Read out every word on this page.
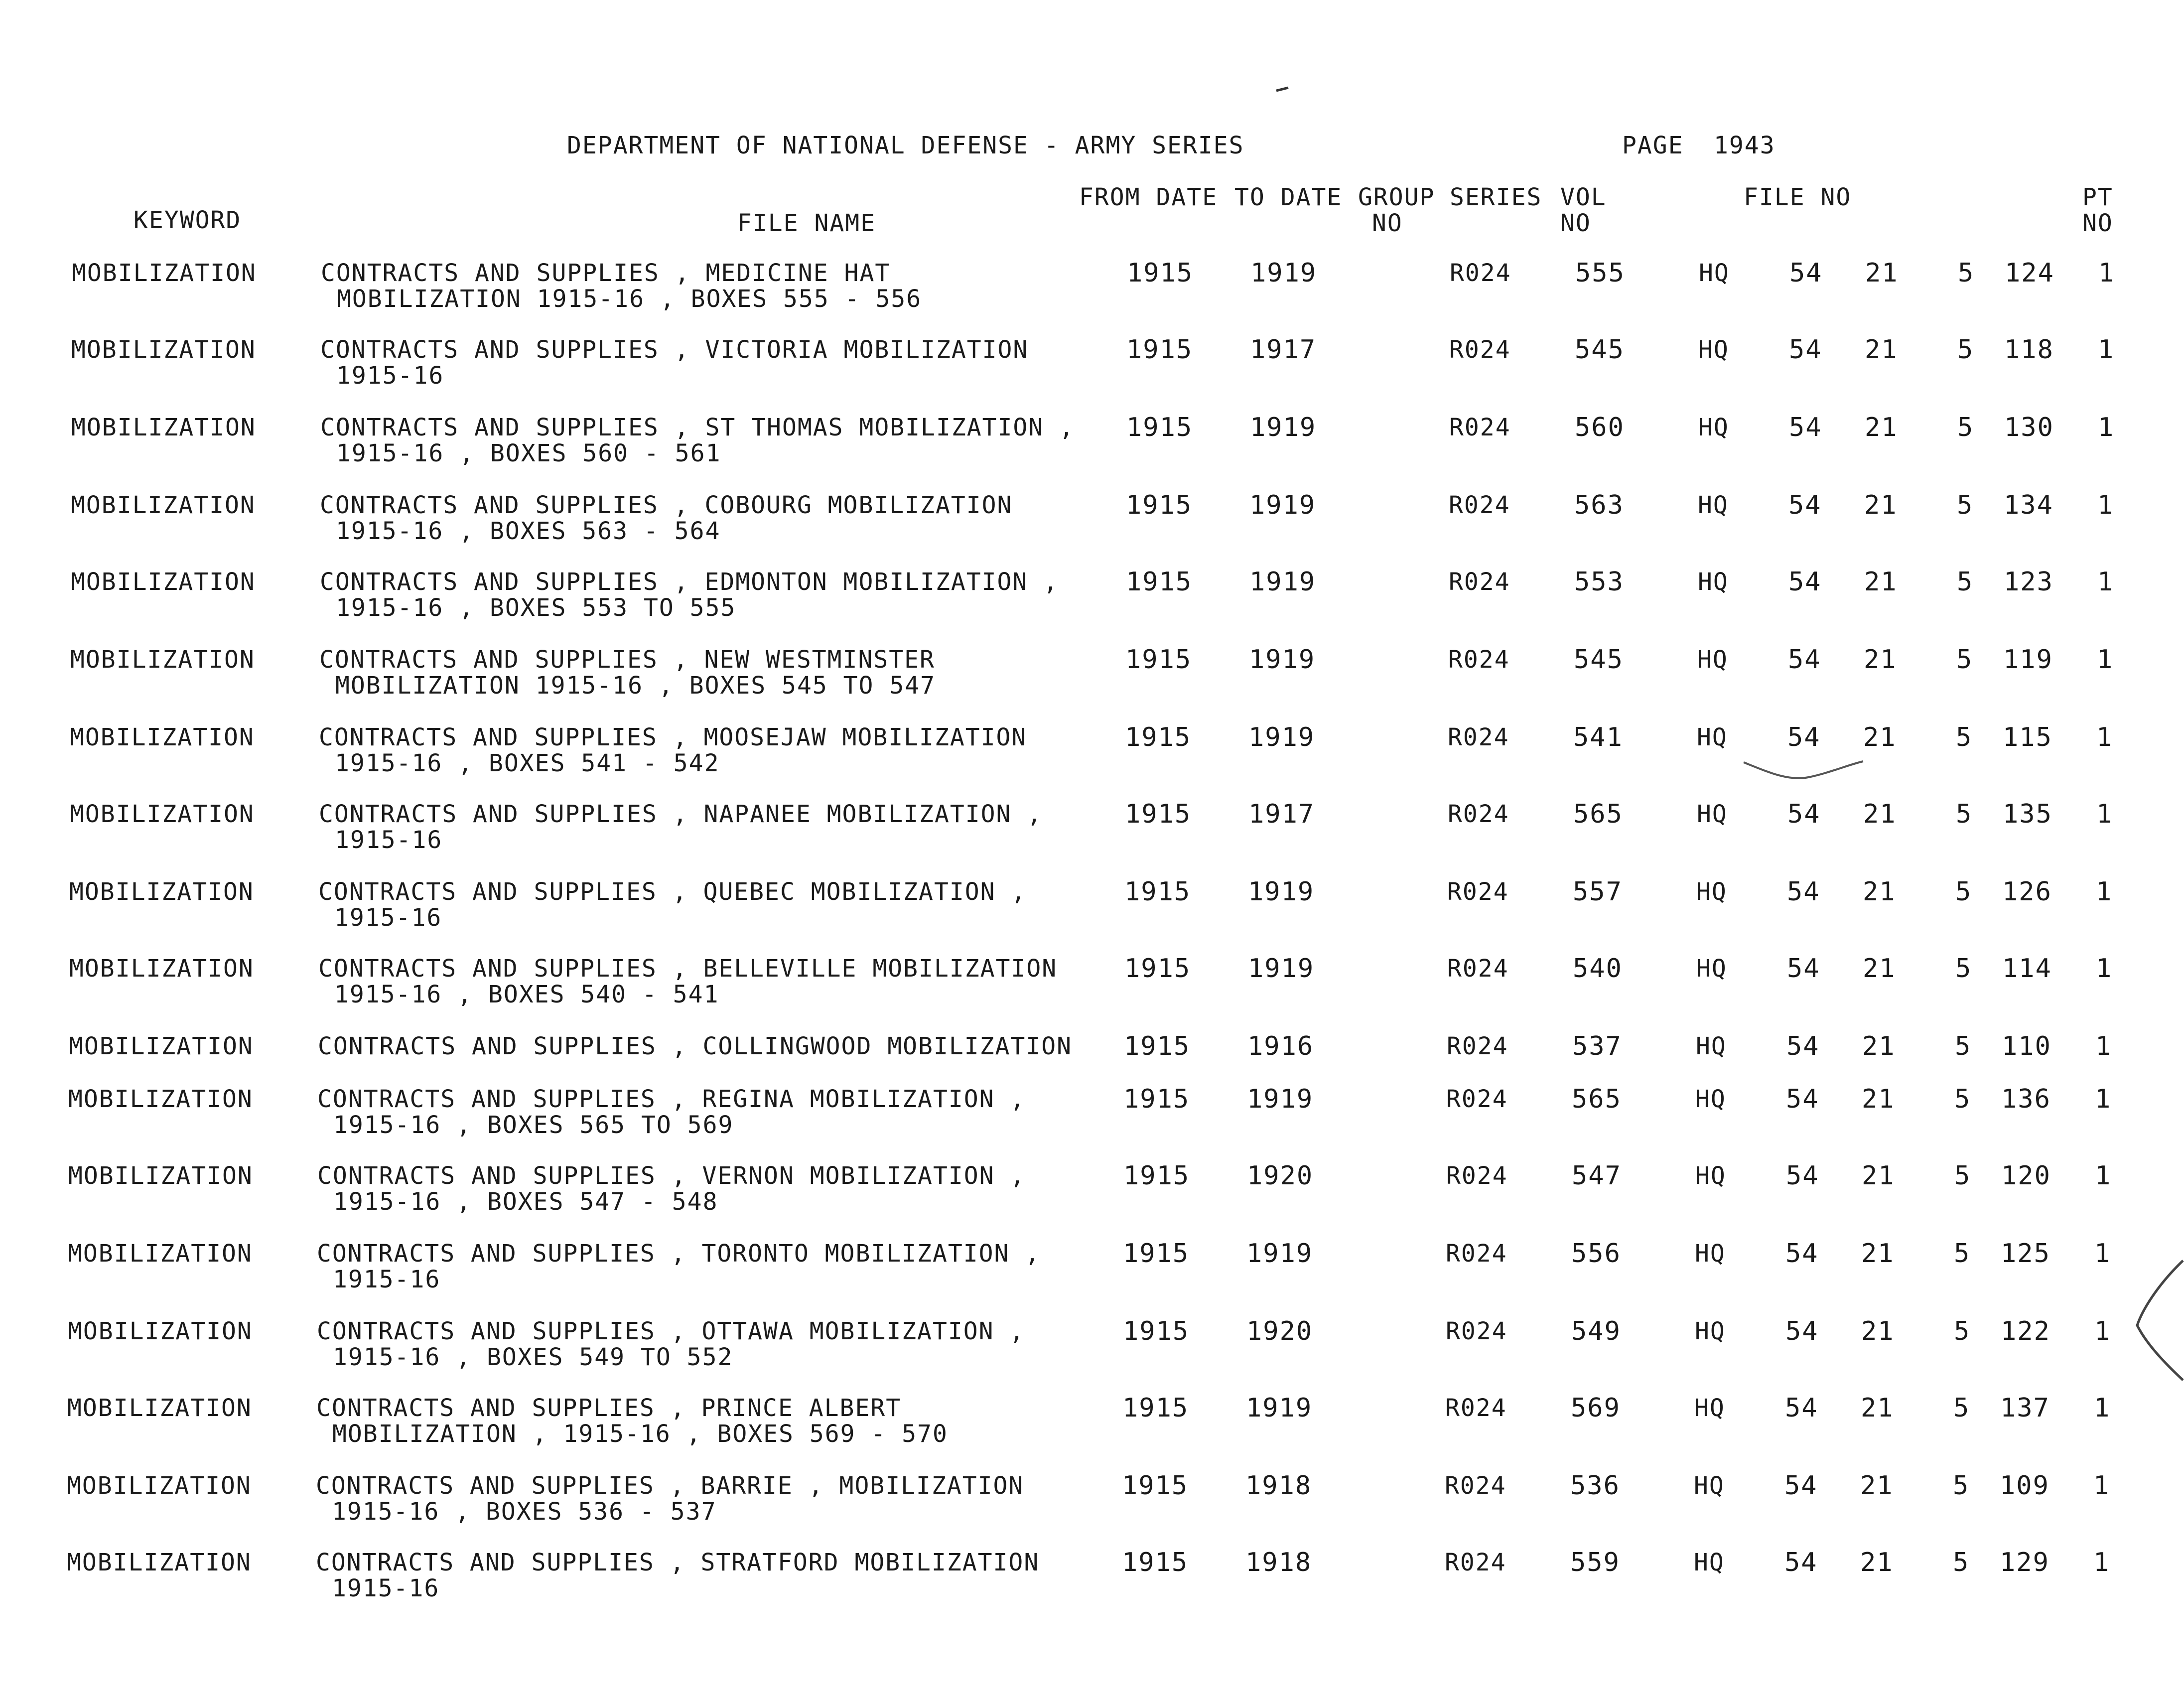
DEPARTMENT OF NATIONAL DEFENSE - ARMY SERIES	PAGE 1943
KEYWORD	FILE NAME
FROM DATE TO DATE GROUP
NO
SERIES VOL
NO
FILE NO	PT
NO
MOBILIZATION	CONTRACTS AND SUPPLIES , MEDICINE HAT
MOBILIZATION 1915-16 , BOXES 555 - 556
1915 1919	R024 555	HQ 54 21 5 124 1
MOBILIZATION	CONTRACTS AND SUPPLIES , VICTORIA MOBILIZATION
1915-16
1915 1917	R024 545	HQ 54 21 5 118 1
MOBILIZATION	CONTRACTS AND SUPPLIES , ST THOMAS MOBILIZATION ,
1915-16 , BOXES 560 - 561
1915 1919	R024 560	HQ 54 21 5 130 1
MOBILIZATION	CONTRACTS AND SUPPLIES , COBOURG MOBILIZATION
1915-16 , BOXES 563 - 564
1915 1919	R024 563	HQ 54 21 5 134 1
MOBILIZATION	CONTRACTS AND SUPPLIES , EDMONTON MOBILIZATION ,
1915-16 , BOXES 553 TO 555
1915 1919	R024 553	HQ 54 21 5 123 1
MOBILIZATION	CONTRACTS AND SUPPLIES , NEW WESTMINSTER
MOBILIZATION 1915-16 , BOXES 545 TO 547
1915 1919	R024 545	HQ 54 21 5 119 1
MOBILIZATION	CONTRACTS AND SUPPLIES , MOOSEJAW MOBILIZATION
1915-16 , BOXES 541 - 542
1915 1919	R024 541	HQ 54 21 5 115 1
MOBILIZATION	CONTRACTS AND SUPPLIES , NAPANEE MOBILIZATION ,
1915-16
1915 1917	R024 565	HQ 54 21 5 135 1
MOBILIZATION	CONTRACTS AND SUPPLIES , QUEBEC MOBILIZATION ,
1915-16
1915 1919	R024 557	HQ 54 21 5 126 1
MOBILIZATION	CONTRACTS AND SUPPLIES , BELLEVILLE MOBILIZATION
1915-16 , BOXES 540 - 541
1915 1919	R024 540	HQ 54 21 5 114 1
MOBILIZATION	CONTRACTS AND SUPPLIES , COLLINGWOOD MOBILIZATION 1915 1916	R024 537	HQ 54 21 5 110 1
MOBILIZATION	CONTRACTS AND SUPPLIES , REGINA MOBILIZATION ,
1915-16 , BOXES 565 TO 569
1915 1919	R024 565	HQ 54 21 5 136 1
MOBILIZATION	CONTRACTS AND SUPPLIES , VERNON MOBILIZATION ,
1915-16 , BOXES 547 - 548
1915 1920	R024 547	HQ 54 21 5 120 1
MOBILIZATION	CONTRACTS AND SUPPLIES , TORONTO MOBILIZATION ,
1915-16
1915 1919	R024 556	HQ 54 21 5 125 1
MOBILIZATION	CONTRACTS AND SUPPLIES , OTTAWA MOBILIZATION ,
1915-16 , BOXES 549 TO 552
1915 1920	R024 549	HQ 54 21 5 122 1
MOBILIZATION	CONTRACTS AND SUPPLIES , PRINCE ALBERT
MOBILIZATION , 1915-16 , BOXES 569 - 570
1915 1919	R024 569	HQ 54 21 5 137 1
MOBILIZATION	CONTRACTS AND SUPPLIES , BARRIE , MOBILIZATION
1915-16 , BOXES 536 - 537
1915 1918	R024 536	HQ 54 21 5 109 1
MOBILIZATION	CONTRACTS AND SUPPLIES , STRATFORD MOBILIZATION
1915-16
1915 1918	R024 559	HQ 54 21 5 129 1
